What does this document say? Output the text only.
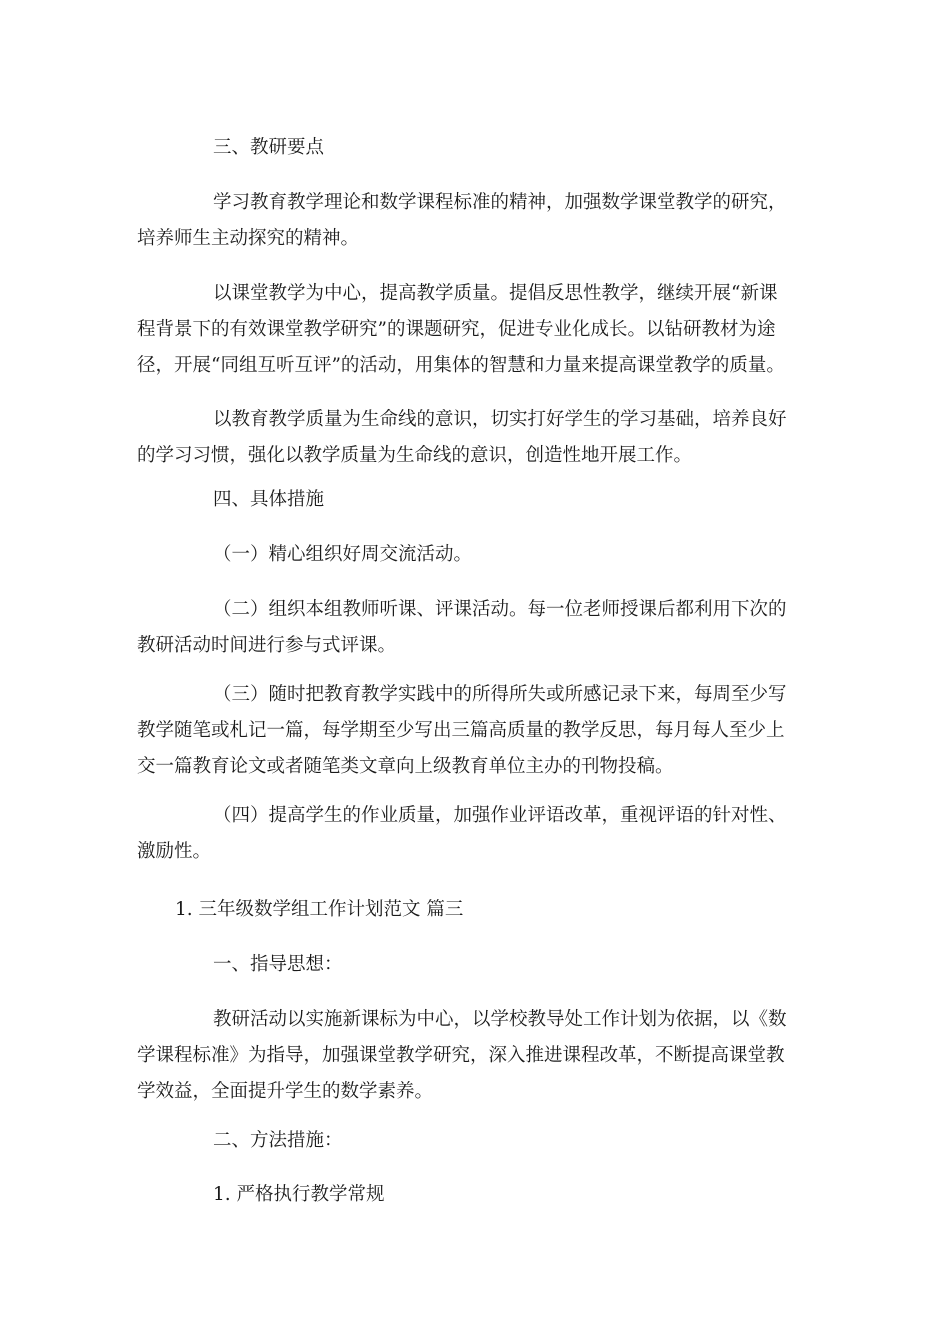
三、教研要点

学习教育教学理论和数学课程标准的精神，加强数学课堂教学的研究，
培养师生主动探究的精神。

以课堂教学为中心，提高教学质量。提倡反思性教学，继续开展“新课
程背景下的有效课堂教学研究”的课题研究，促进专业化成长。以钻研教材为途
径，开展“同组互听互评”的活动，用集体的智慧和力量来提高课堂教学的质量。

以教育教学质量为生命线的意识，切实打好学生的学习基础，培养良好
的学习习惯，强化以教学质量为生命线的意识，创造性地开展工作。

四、具体措施

（一）精心组织好周交流活动。

（二）组织本组教师听课、评课活动。每一位老师授课后都利用下次的
教研活动时间进行参与式评课。

（三）随时把教育教学实践中的所得所失或所感记录下来，每周至少写
教学随笔或札记一篇，每学期至少写出三篇高质量的教学反思，每月每人至少上
交一篇教育论文或者随笔类文章向上级教育单位主办的刊物投稿。

（四）提高学生的作业质量，加强作业评语改革，重视评语的针对性、
激励性。

1. 三年级数学组工作计划范文 篇三

一、指导思想：

教研活动以实施新课标为中心，以学校教导处工作计划为依据，以《数
学课程标准》为指导，加强课堂教学研究，深入推进课程改革，不断提高课堂教
学效益，全面提升学生的数学素养。

二、方法措施：

1. 严格执行教学常规
